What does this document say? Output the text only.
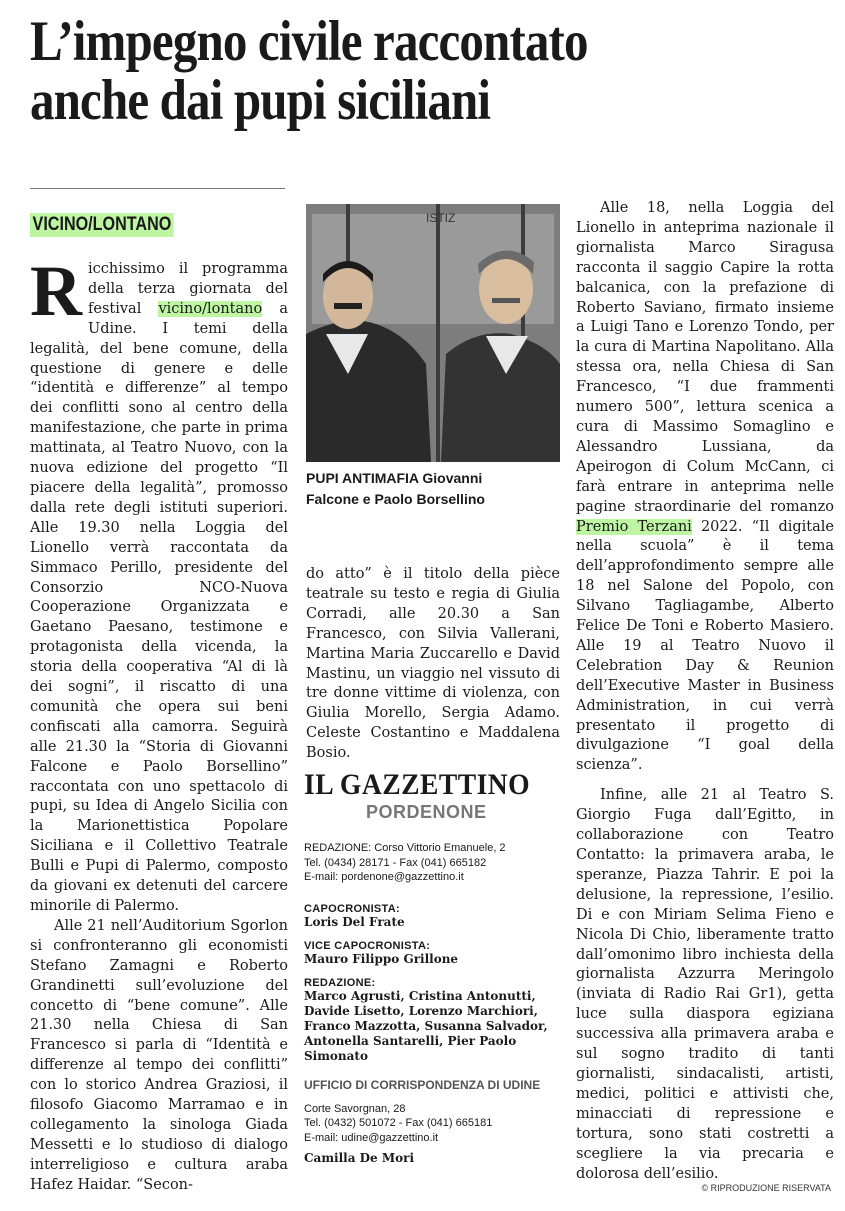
L’impegno civile raccontato
anche dai pupi siciliani
VICINO/LONTANO

Ricchissimo il programma della terza giornata del festival vicino/lontano a Udine. I temi della legalità, del bene comune, della questione di genere e delle “identità e differenze” al tempo dei conflitti sono al centro della manifestazione, che parte in prima mattinata, al Teatro Nuovo, con la nuova edizione del progetto “Il piacere della legalità”, promosso dalla rete degli istituti superiori. Alle 19.30 nella Loggia del Lionello verrà raccontata da Simmaco Perillo, presidente del Consorzio NCO-Nuova Cooperazione Organizzata e Gaetano Paesano, testimone e protagonista della vicenda, la storia della cooperativa “Al di là dei sogni”, il riscatto di una comunità che opera sui beni confiscati alla camorra. Seguirà alle 21.30 la “Storia di Giovanni Falcone e Paolo Borsellino” raccontata con uno spettacolo di pupi, su Idea di Angelo Sicilia con la Marionettistica Popolare Siciliana e il Collettivo Teatrale Bulli e Pupi di Palermo, composto da giovani ex detenuti del carcere minorile di Palermo.

Alle 21 nell’Auditorium Sgorlon si confronteranno gli economisti Stefano Zamagni e Roberto Grandinetti sull’evoluzione del concetto di “bene comune”. Alle 21.30 nella Chiesa di San Francesco si parla di “Identità e differenze al tempo dei conflitti” con lo storico Andrea Graziosi, il filosofo Giacomo Marramao e in collegamento la sinologa Giada Messetti e lo studioso di dialogo interreligioso e cultura araba Hafez Haidar. “Secon-

ISTIZ
PUPI ANTIMAFIA Giovanni
Falcone e Paolo Borsellino

do atto” è il titolo della pièce teatrale su testo e regia di Giulia Corradi, alle 20.30 a San Francesco, con Silvia Vallerani, Martina Maria Zuccarello e David Mastinu, un viaggio nel vissuto di tre donne vittime di violenza, con Giulia Morello, Sergia Adamo. Celeste Costantino e Maddalena Bosio.

IL GAZZETTINO
PORDENONE
REDAZIONE: Corso Vittorio Emanuele, 2
Tel. (0434) 28171 - Fax (041) 665182
E-mail: pordenone@gazzettino.it
CAPOCRONISTA:
Loris Del Frate
VICE CAPOCRONISTA:
Mauro Filippo Grillone
REDAZIONE:
Marco Agrusti, Cristina Antonutti, Davide Lisetto, Lorenzo Marchiori, Franco Mazzotta, Susanna Salvador, Antonella Santarelli, Pier Paolo Simonato
UFFICIO DI CORRISPONDENZA DI UDINE
Corte Savorgnan, 28
Tel. (0432) 501072 - Fax (041) 665181
E-mail: udine@gazzettino.it
Camilla De Mori

Alle 18, nella Loggia del Lionello in anteprima nazionale il giornalista Marco Siragusa racconta il saggio Capire la rotta balcanica, con la prefazione di Roberto Saviano, firmato insieme a Luigi Tano e Lorenzo Tondo, per la cura di Martina Napolitano. Alla stessa ora, nella Chiesa di San Francesco, “I due frammenti numero 500”, lettura scenica a cura di Massimo Somaglino e Alessandro Lussiana, da Apeirogon di Colum McCann, ci farà entrare in anteprima nelle pagine straordinarie del romanzo Premio Terzani 2022. “Il digitale nella scuola” è il tema dell’approfondimento sempre alle 18 nel Salone del Popolo, con Silvano Tagliagambe, Alberto Felice De Toni e Roberto Masiero. Alle 19 al Teatro Nuovo il Celebration Day & Reunion dell’Executive Master in Business Administration, in cui verrà presentato il progetto di divulgazione “I goal della scienza”.

Infine, alle 21 al Teatro S. Giorgio Fuga dall’Egitto, in collaborazione con Teatro Contatto: la primavera araba, le speranze, Piazza Tahrir. E poi la delusione, la repressione, l’esilio. Di e con Miriam Selima Fieno e Nicola Di Chio, liberamente tratto dall’omonimo libro inchiesta della giornalista Azzurra Meringolo (inviata di Radio Rai Gr1), getta luce sulla diaspora egiziana successiva alla primavera araba e sul sogno tradito di tanti giornalisti, sindacalisti, artisti, medici, politici e attivisti che, minacciati di repressione e tortura, sono stati costretti a scegliere la via precaria e dolorosa dell’esilio.

© RIPRODUZIONE RISERVATA
